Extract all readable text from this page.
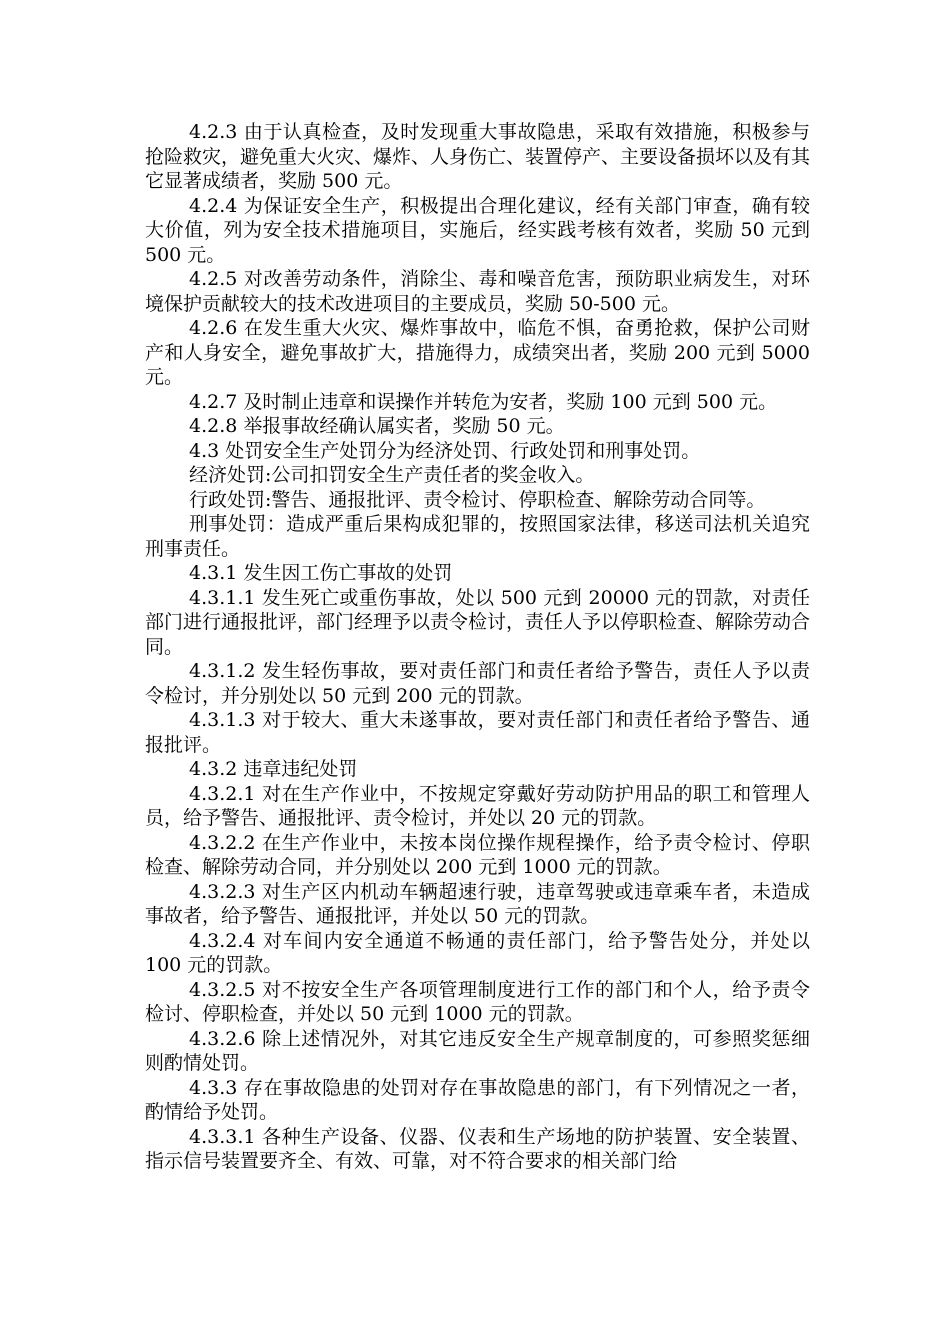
4.2.3 由于认真检查，及时发现重大事故隐患，采取有效措施，积极参与抢险救灾，避免重大火灾、爆炸、人身伤亡、装置停产、主要设备损坏以及有其它显著成绩者，奖励 500 元。

4.2.4 为保证安全生产，积极提出合理化建议，经有关部门审查，确有较大价值，列为安全技术措施项目，实施后，经实践考核有效者，奖励 50 元到 500 元。

4.2.5 对改善劳动条件，消除尘、毒和噪音危害，预防职业病发生，对环境保护贡献较大的技术改进项目的主要成员，奖励 50-500 元。

4.2.6 在发生重大火灾、爆炸事故中，临危不惧，奋勇抢救，保护公司财产和人身安全，避免事故扩大，措施得力，成绩突出者，奖励 200 元到 5000 元。

4.2.7 及时制止违章和误操作并转危为安者，奖励 100 元到 500 元。

4.2.8 举报事故经确认属实者，奖励 50 元。

4.3 处罚安全生产处罚分为经济处罚、行政处罚和刑事处罚。

经济处罚:公司扣罚安全生产责任者的奖金收入。

行政处罚:警告、通报批评、责令检讨、停职检查、解除劳动合同等。

刑事处罚：造成严重后果构成犯罪的，按照国家法律，移送司法机关追究刑事责任。

4.3.1 发生因工伤亡事故的处罚

4.3.1.1 发生死亡或重伤事故，处以 500 元到 20000 元的罚款，对责任部门进行通报批评，部门经理予以责令检讨，责任人予以停职检查、解除劳动合同。

4.3.1.2 发生轻伤事故，要对责任部门和责任者给予警告，责任人予以责令检讨，并分别处以 50 元到 200 元的罚款。

4.3.1.3 对于较大、重大未遂事故，要对责任部门和责任者给予警告、通报批评。

4.3.2 违章违纪处罚

4.3.2.1 对在生产作业中，不按规定穿戴好劳动防护用品的职工和管理人员，给予警告、通报批评、责令检讨，并处以 20 元的罚款。

4.3.2.2 在生产作业中，未按本岗位操作规程操作，给予责令检讨、停职检查、解除劳动合同，并分别处以 200 元到 1000 元的罚款。

4.3.2.3 对生产区内机动车辆超速行驶，违章驾驶或违章乘车者，未造成事故者，给予警告、通报批评，并处以 50 元的罚款。

4.3.2.4 对车间内安全通道不畅通的责任部门，给予警告处分，并处以 100 元的罚款。

4.3.2.5 对不按安全生产各项管理制度进行工作的部门和个人，给予责令检讨、停职检查，并处以 50 元到 1000 元的罚款。

4.3.2.6 除上述情况外，对其它违反安全生产规章制度的，可参照奖惩细则酌情处罚。

4.3.3 存在事故隐患的处罚对存在事故隐患的部门，有下列情况之一者，酌情给予处罚。

4.3.3.1 各种生产设备、仪器、仪表和生产场地的防护装置、安全装置、指示信号装置要齐全、有效、可靠，对不符合要求的相关部门给
